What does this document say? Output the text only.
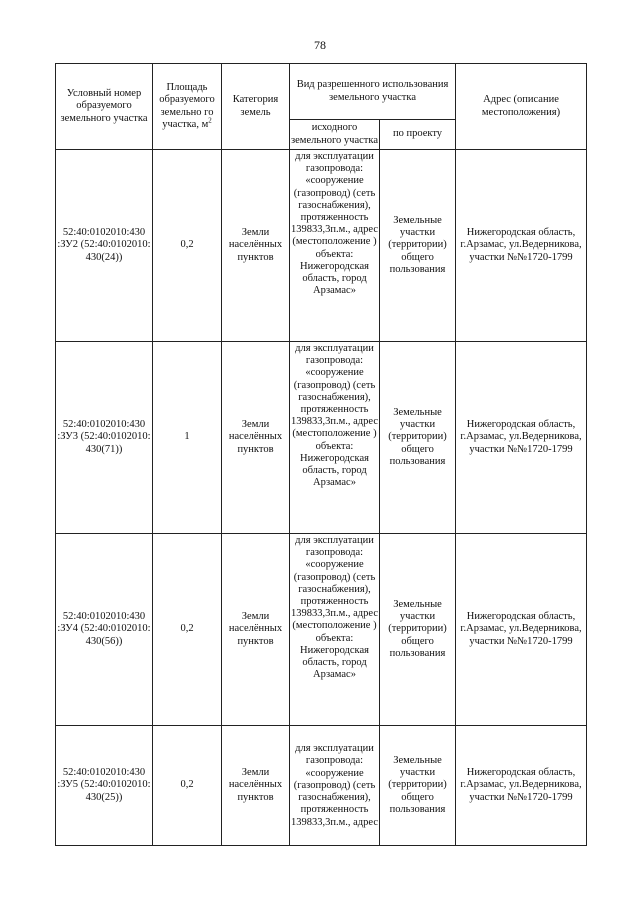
78
Условный номер образуемого земельного участка	Площадь образуемого земельно го участка, $м^2$	Категория земель	Вид разрешенного использования земельного участка		Адрес (описание местоположения)
			исходного земельного участка	по проекту	
52:40:0102010:430 :ЗУ2 (52:40:0102010: 430(24))	0,2	Земли населённых пунктов	для эксплуатации газопровода: «сооружение (газопровод) (сеть газоснабжения), протяженность 139833,3п.м., адрес (местоположение ) объекта: Нижегородская область, город Арзамас»	Земельные участки (территории) общего пользования	Нижегородская область, г.Арзамас, ул.Ведерникова, участки №№1720-1799
52:40:0102010:430 :ЗУ3 (52:40:0102010: 430(71))	1	Земли населённых пунктов	для эксплуатации газопровода: «сооружение (газопровод) (сеть газоснабжения), протяженность 139833,3п.м., адрес (местоположение ) объекта: Нижегородская область, город Арзамас»	Земельные участки (территории) общего пользования	Нижегородская область, г.Арзамас, ул.Ведерникова, участки №№1720-1799
52:40:0102010:430 :ЗУ4 (52:40:0102010: 430(56))	0,2	Земли населённых пунктов	для эксплуатации газопровода: «сооружение (газопровод) (сеть газоснабжения), протяженность 139833,3п.м., адрес (местоположение ) объекта: Нижегородская область, город Арзамас»	Земельные участки (территории) общего пользования	Нижегородская область, г.Арзамас, ул.Ведерникова, участки №№1720-1799
52:40:0102010:430 :ЗУ5 (52:40:0102010: 430(25))	0,2	Земли населённых пунктов	для эксплуатации газопровода: «сооружение (газопровод) (сеть газоснабжения), протяженность 139833,3п.м., адрес	Земельные участки (территории) общего пользования	Нижегородская область, г.Арзамас, ул.Ведерникова, участки №№1720-1799
